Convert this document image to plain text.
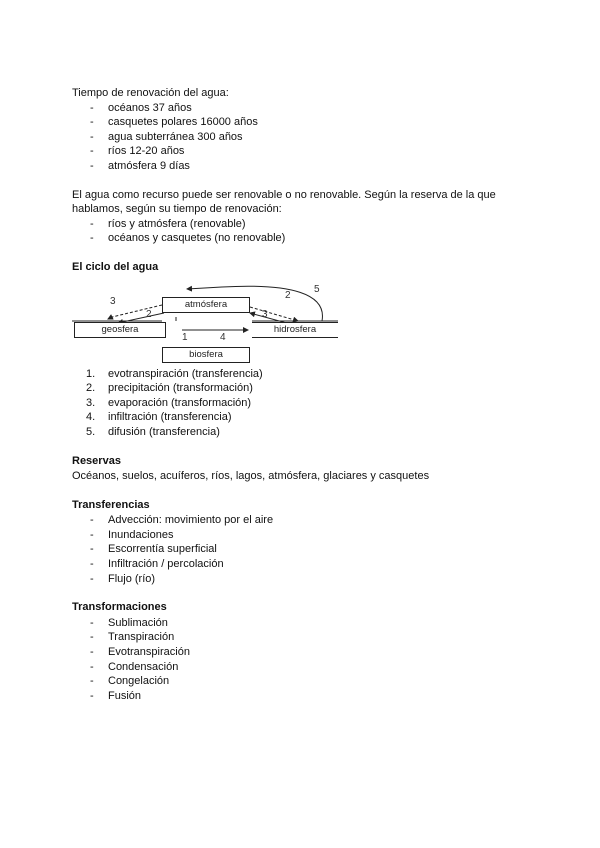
Tiempo de renovación del agua:

- océanos 37 años
- casquetes polares 16000 años
- agua subterránea 300 años
- ríos 12-20 años
- atmósfera 9 días

El agua como recurso puede ser renovable o no renovable. Según la reserva de la que hablamos, según su tiempo de renovación:

- ríos y atmósfera (renovable)
- océanos y casquetes (no renovable)

El ciclo del agua

atmósfera
geosfera	hidrosfera
biosfera
3
2
2
3
5
1	4
1. evotranspiración (transferencia)
2. precipitación (transformación)
3. evaporación (transformación)
4. infiltración (transferencia)
5. difusión (transferencia)

Reservas

Océanos, suelos, acuíferos, ríos, lagos, atmósfera, glaciares y casquetes

Transferencias

- Advección: movimiento por el aire
- Inundaciones
- Escorrentía superficial
- Infiltración / percolación
- Flujo (río)

Transformaciones

- Sublimación
- Transpiración
- Evotranspiración
- Condensación
- Congelación
- Fusión
